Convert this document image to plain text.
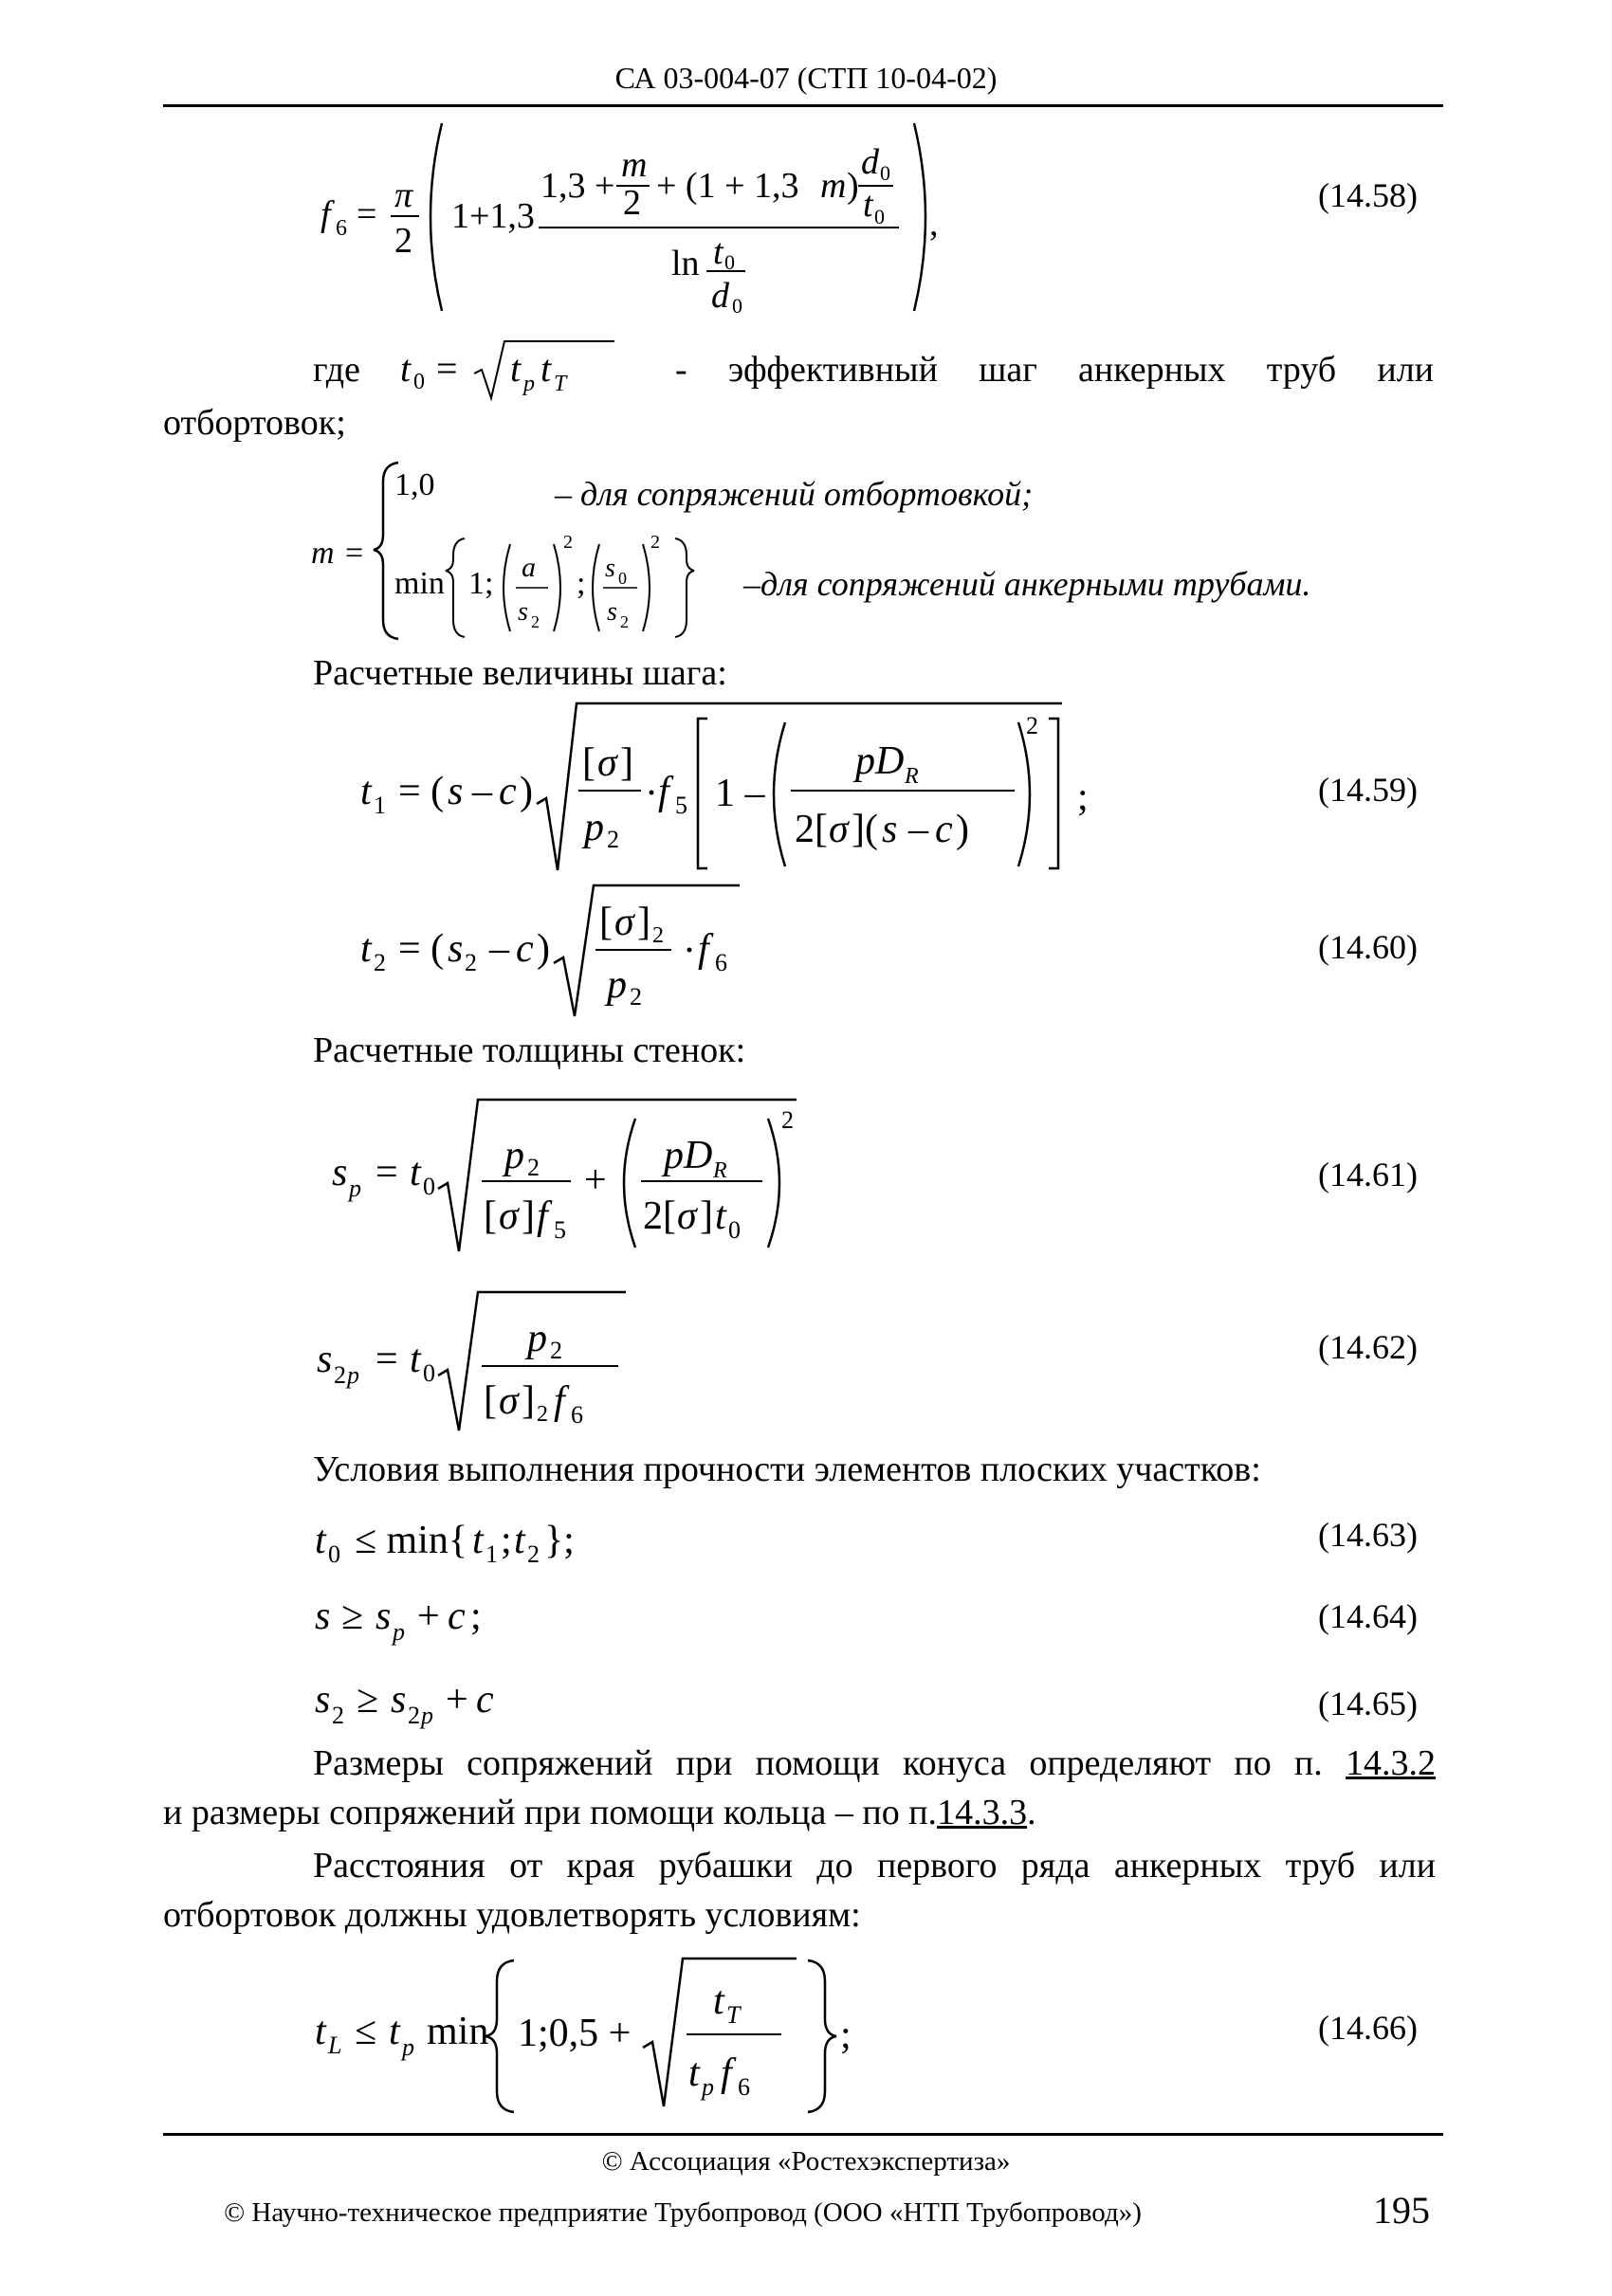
СА 03-004-07 (СТП 10-04-02)
f 6 = π
2
1+1,3
1,3 +
m
2 + (1 + 1,3 m )
d 0
t 0
ln t 0
d 0
,
(14.58)
где t 0 = t p t T	- эффективный шаг анкерных труб или
отбортовок;
m =
1,0
min 1; a
s 2
2
; s 0
s 2
2
– для сопряжений отбортовкой;
–для сопряжений анкерными трубами.
Расчетные величины шага:
t 1 = ( s – c )
[ σ ]
p 2
· f 5 1 –
pD R
2[ σ ]( s – c )
2
;	(14.59)
t 2 = ( s 2 – c )
[ σ ] 2
p 2
· f 6	(14.60)
Расчетные толщины стенок:
s p = t 0
p 2
[ σ ] f 5
+
pD R
2[ σ ] t 0
2
(14.61)
s 2 p = t 0
p 2
[ σ ] 2 f 6
(14.62)
Условия выполнения прочности элементов плоских участков:
t 0 ≤ min{ t 1 ; t 2 };	(14.63)
s ≥ s p + c ;	(14.64)
s 2 ≥ s 2 p + c	(14.65)
Размеры сопряжений при помощи конуса определяют по п. 14.3.2
и размеры сопряжений при помощи кольца – по п.14.3.3.
Расстояния от края рубашки до первого ряда анкерных труб или
отбортовок должны удовлетворять условиям:
t L ≤ t p min 1;0,5 +
t T
t p f 6
;	(14.66)
© Ассоциация «Ростехэкспертиза»
© Научно-техническое предприятие Трубопровод (ООО «НТП Трубопровод»)	195
